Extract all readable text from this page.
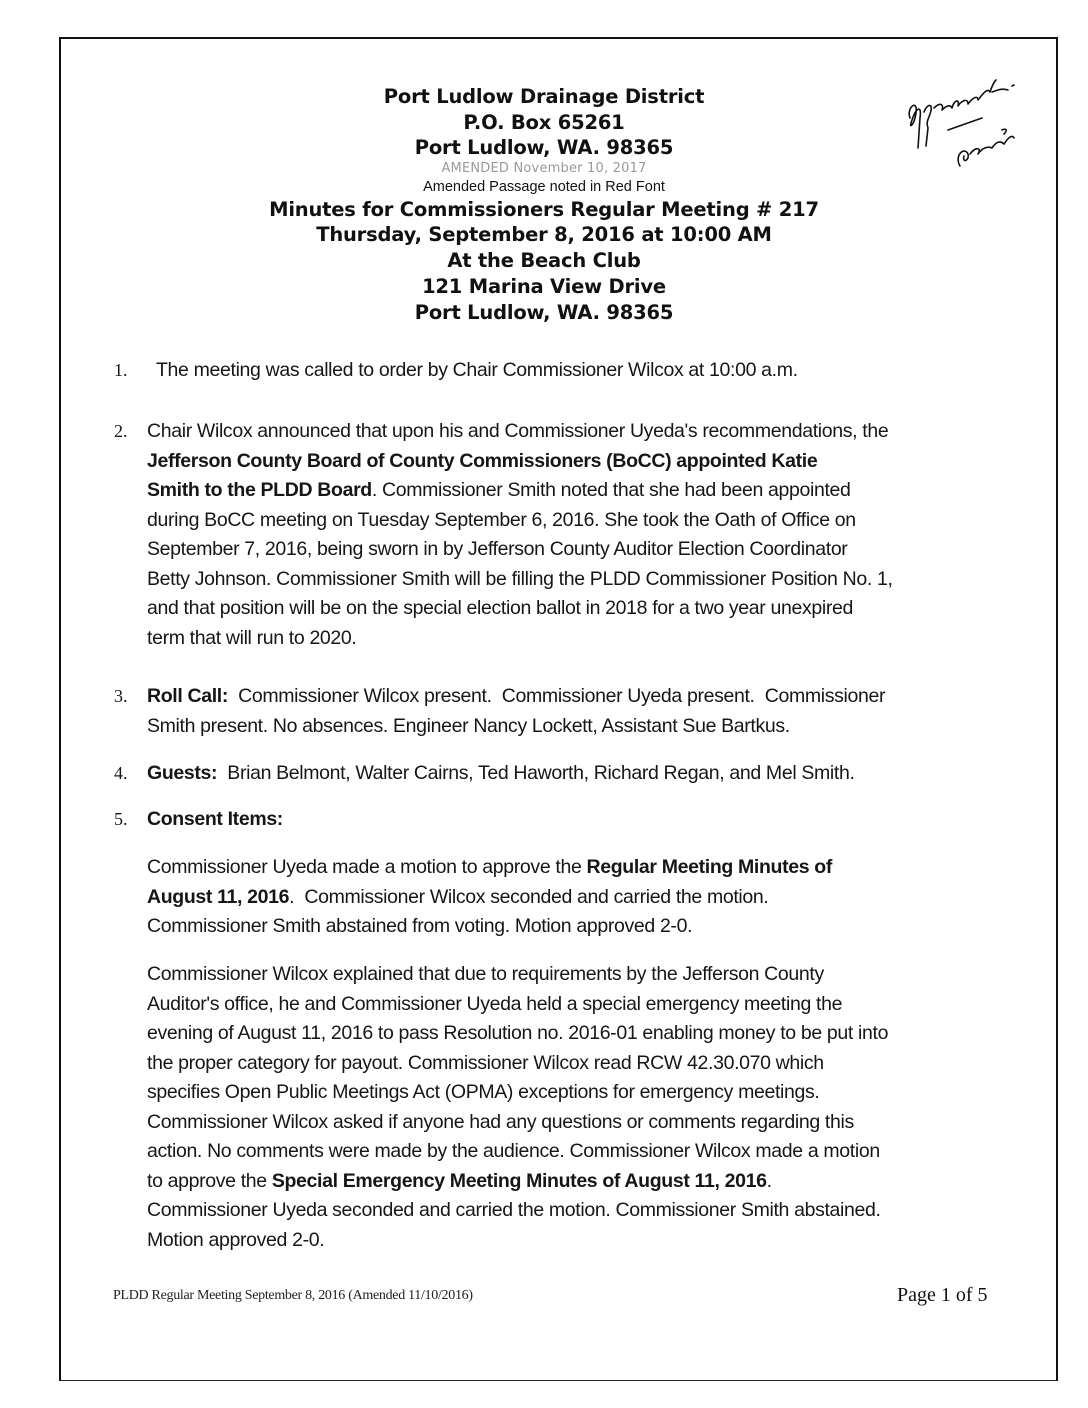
Port Ludlow Drainage District
P.O. Box 65261
Port Ludlow, WA. 98365
AMENDED November 10, 2017
Amended Passage noted in Red Font
Minutes for Commissioners Regular Meeting # 217
Thursday, September 8, 2016 at 10:00 AM
At the Beach Club
121 Marina View Drive
Port Ludlow, WA. 98365
1. The meeting was called to order by Chair Commissioner Wilcox at 10:00 a.m.
2. Chair Wilcox announced that upon his and Commissioner Uyeda's recommendations, the
Jefferson County Board of County Commissioners (BoCC) appointed Katie
Smith to the PLDD Board. Commissioner Smith noted that she had been appointed
during BoCC meeting on Tuesday September 6, 2016. She took the Oath of Office on
September 7, 2016, being sworn in by Jefferson County Auditor Election Coordinator
Betty Johnson. Commissioner Smith will be filling the PLDD Commissioner Position No. 1,
and that position will be on the special election ballot in 2018 for a two year unexpired
term that will run to 2020.
3. Roll Call:  Commissioner Wilcox present.  Commissioner Uyeda present.  Commissioner
Smith present. No absences. Engineer Nancy Lockett, Assistant Sue Bartkus.
4. Guests:  Brian Belmont, Walter Cairns, Ted Haworth, Richard Regan, and Mel Smith.
5. Consent Items:
Commissioner Uyeda made a motion to approve the Regular Meeting Minutes of
August 11, 2016.  Commissioner Wilcox seconded and carried the motion.
Commissioner Smith abstained from voting. Motion approved 2-0.
Commissioner Wilcox explained that due to requirements by the Jefferson County
Auditor's office, he and Commissioner Uyeda held a special emergency meeting the
evening of August 11, 2016 to pass Resolution no. 2016-01 enabling money to be put into
the proper category for payout. Commissioner Wilcox read RCW 42.30.070 which
specifies Open Public Meetings Act (OPMA) exceptions for emergency meetings.
Commissioner Wilcox asked if anyone had any questions or comments regarding this
action. No comments were made by the audience. Commissioner Wilcox made a motion
to approve the Special Emergency Meeting Minutes of August 11, 2016.
Commissioner Uyeda seconded and carried the motion. Commissioner Smith abstained.
Motion approved 2-0.
PLDD Regular Meeting September 8, 2016 (Amended 11/10/2016)	Page 1 of 5
